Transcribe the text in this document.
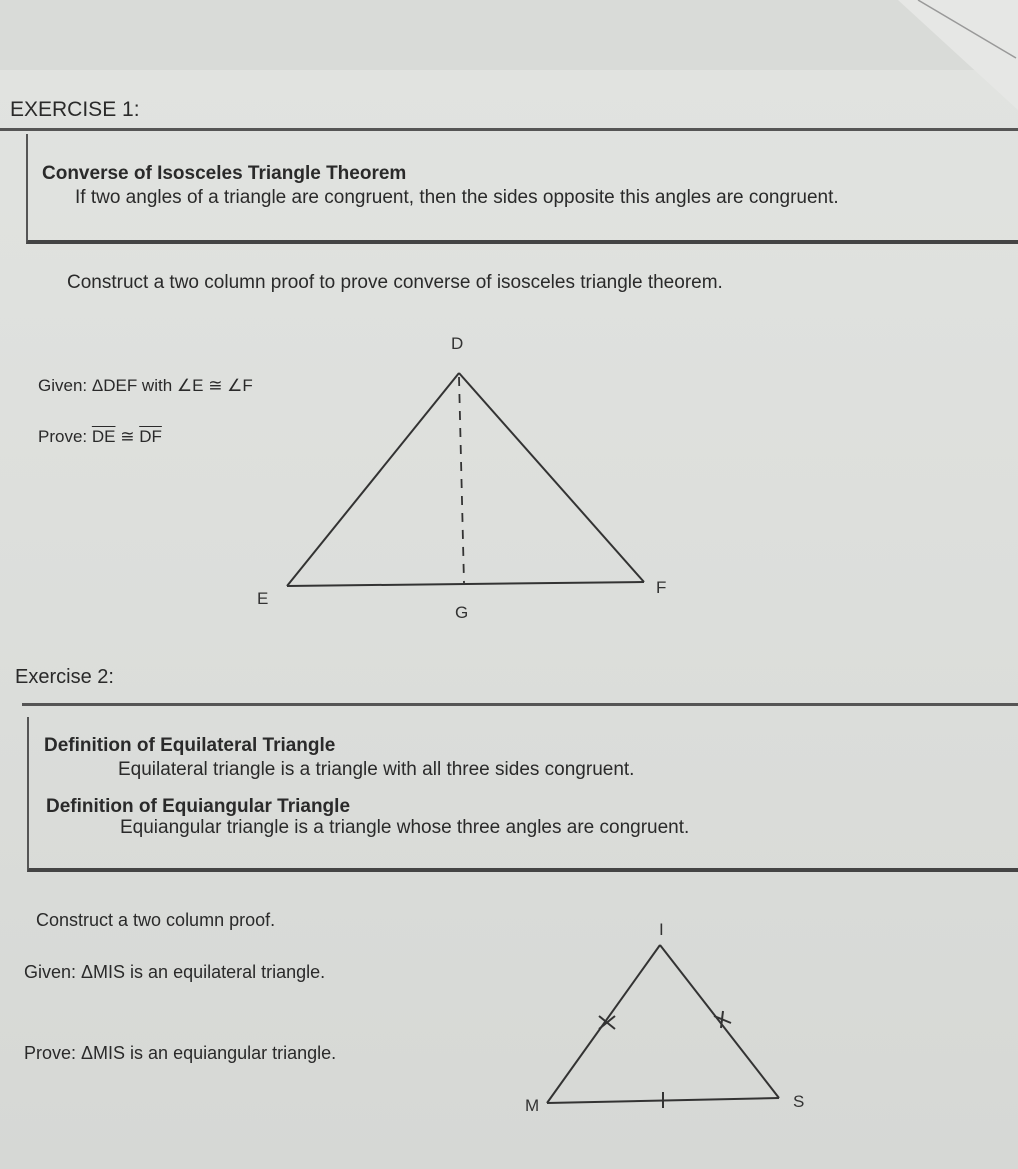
EXERCISE 1:
Converse of Isosceles Triangle Theorem
If two angles of a triangle are congruent, then the sides opposite this angles are congruent.
Construct a two column proof to prove converse of isosceles triangle theorem.
Given: ΔDEF with ∠E ≅ ∠F
Prove: $\overline{DE}$ ≅ $\overline{DF}$
D
E
F
G
Exercise 2:
Definition of Equilateral Triangle
Equilateral triangle is a triangle with all three sides congruent.
Definition of Equiangular Triangle
Equiangular triangle is a triangle whose three angles are congruent.
Construct a two column proof.
Given: ΔMIS is an equilateral triangle.
Prove: ΔMIS is an equiangular triangle.
I
M	S
